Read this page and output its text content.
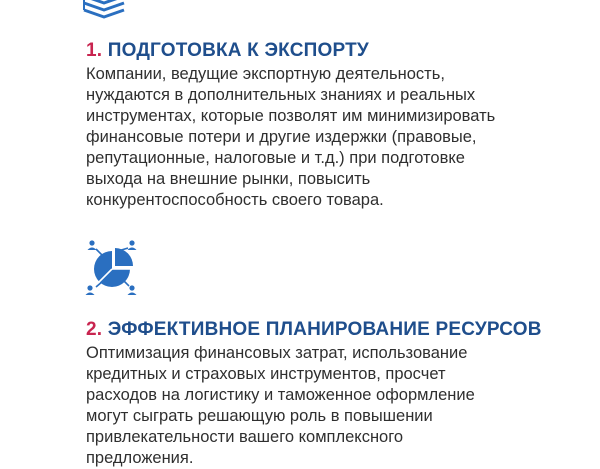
1. ПОДГОТОВКА К ЭКСПОРТУ
Компании, ведущие экспортную деятельность, нуждаются в дополнительных знаниях и реальных инструментах, которые позволят им минимизировать финансовые потери и другие издержки (правовые, репутационные, налоговые и т.д.) при подготовке выхода на внешние рынки, повысить конкурентоспособность своего товара.
2. ЭФФЕКТИВНОЕ ПЛАНИРОВАНИЕ РЕСУРСОВ
Оптимизация финансовых затрат, использование кредитных и страховых инструментов, просчет расходов на логистику и таможенное оформление могут сыграть решающую роль в повышении привлекательности вашего комплексного предложения.
